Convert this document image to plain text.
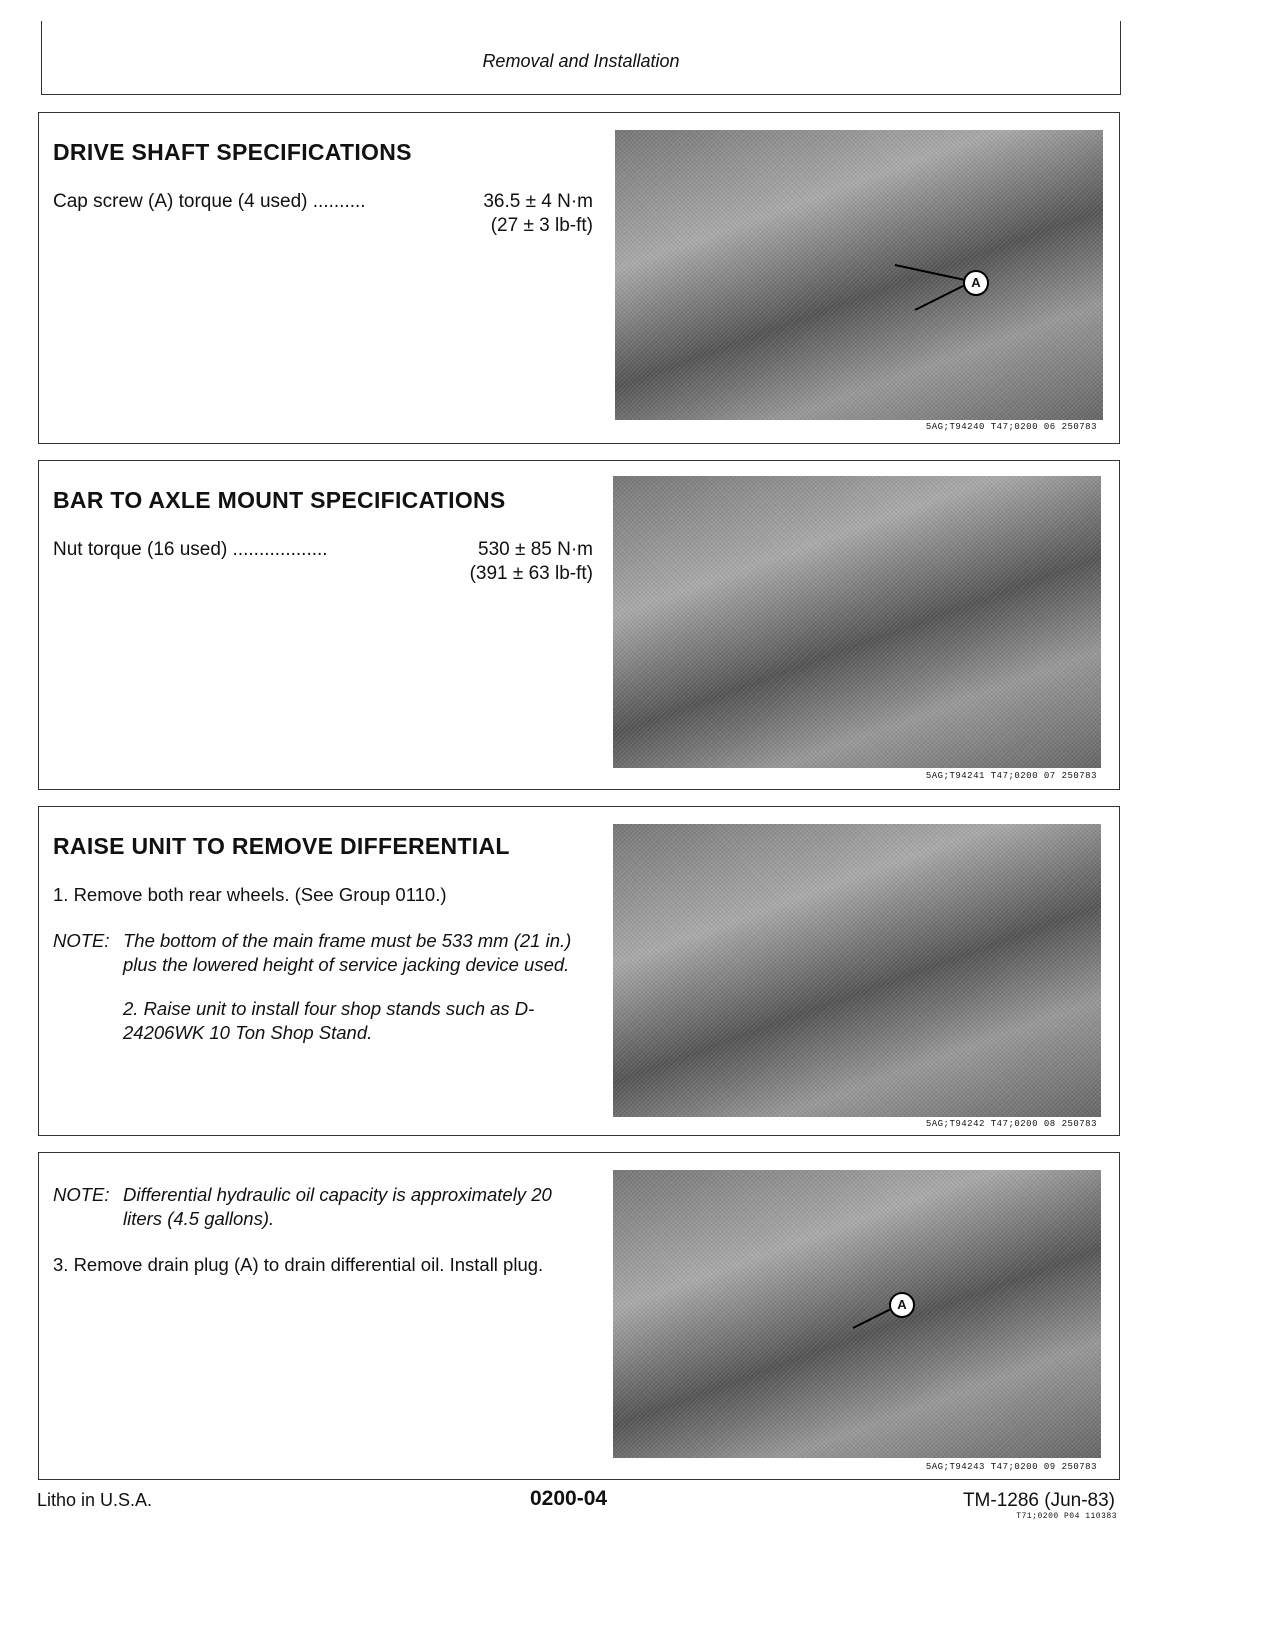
Removal and Installation
DRIVE SHAFT SPECIFICATIONS
Cap screw (A) torque (4 used) ..........	36.5 ± 4 N·m
(27 ± 3 lb-ft)
A
5AG;T94240 T47;0200 06 250783
BAR TO AXLE MOUNT SPECIFICATIONS
Nut torque (16 used) ..................	530 ± 85 N·m
(391 ± 63 lb-ft)
5AG;T94241 T47;0200 07 250783
RAISE UNIT TO REMOVE DIFFERENTIAL
1. Remove both rear wheels. (See Group 0110.)
NOTE: The bottom of the main frame must be 533 mm (21 in.) plus the lowered height of service jacking device used.
2. Raise unit to install four shop stands such as D-24206WK 10 Ton Shop Stand.
5AG;T94242 T47;0200 08 250783
NOTE: Differential hydraulic oil capacity is approximately 20 liters (4.5 gallons).
3. Remove drain plug (A) to drain differential oil. Install plug.
A
5AG;T94243 T47;0200 09 250783
Litho in U.S.A.	0200-04	TM-1286 (Jun-83)
T71;0200 P04 110383
